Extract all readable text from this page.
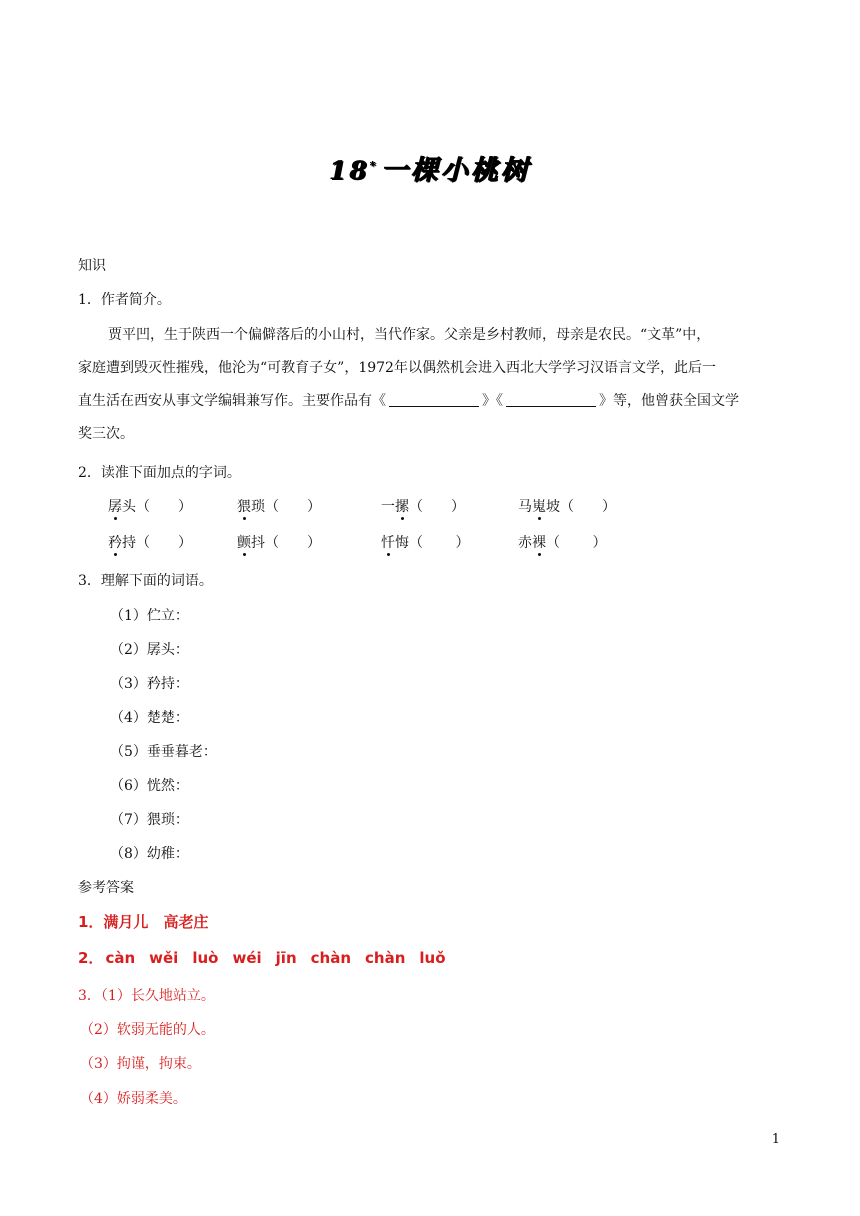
18*一棵小桃树
知识
1．作者简介。
贾平凹，生于陕西一个偏僻落后的小山村，当代作家。父亲是乡村教师，母亲是农民。“文革”中，
家庭遭到毁灭性摧残，他沦为“可教育子女”，1972年以偶然机会进入西北大学学习汉语言文学，此后一
直生活在西安从事文学编辑兼写作。主要作品有《	》《	》等，他曾获全国文学
奖三次。
2．读准下面加点的字词。
孱头（　　）	猥琐（　　）	一摞（　　）	马嵬坡（　　）
矜持（　　）	颤抖（　　）	忏悔（　　 ）	赤裸（　　 ）
3．理解下面的词语。
（1）伫立：
（2）孱头：
（3）矜持：
（4）楚楚：
（5）垂垂暮老：
（6）恍然：
（7）猥琐：
（8）幼稚：
参考答案
1．满月儿　高老庄
2． càn wěi luò wéi jīn chàn chàn luǒ
3．（1）长久地站立。
（2）软弱无能的人。
（3）拘谨，拘束。
（4）娇弱柔美。
1
